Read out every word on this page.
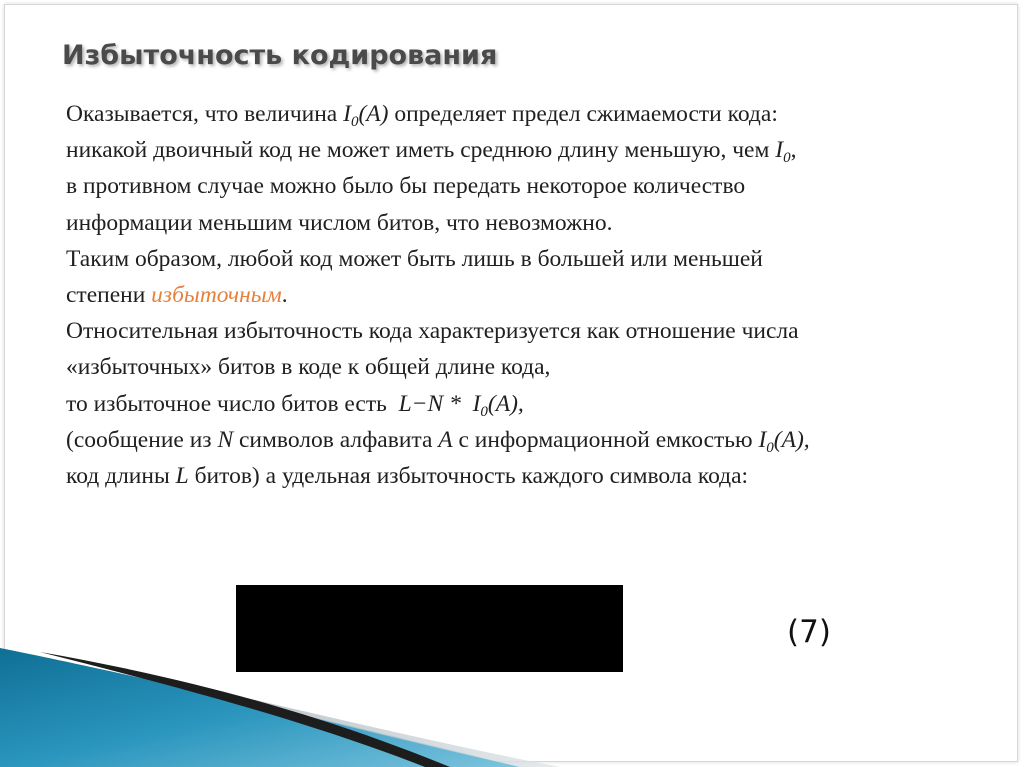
Избыточность кодирования
Оказывается, что величина $I_0(A)$ определяет предел сжимаемости кода:
никакой двоичный код не может иметь среднюю длину меньшую, чем $I_0$,
в противном случае можно было бы передать некоторое количество
информации меньшим числом битов, что невозможно.
Таким образом, любой код может быть лишь в большей или меньшей
степени избыточным.
Относительная избыточность кода характеризуется как отношение числа
«избыточных» битов в коде к общей длине кода,
то избыточное число битов есть  $L-N * I_0(A)$,
(сообщение из N символов алфавита A с информационной емкостью $I_0(A)$,
код длины L битов) а удельная избыточность каждого символа кода:
(7)
